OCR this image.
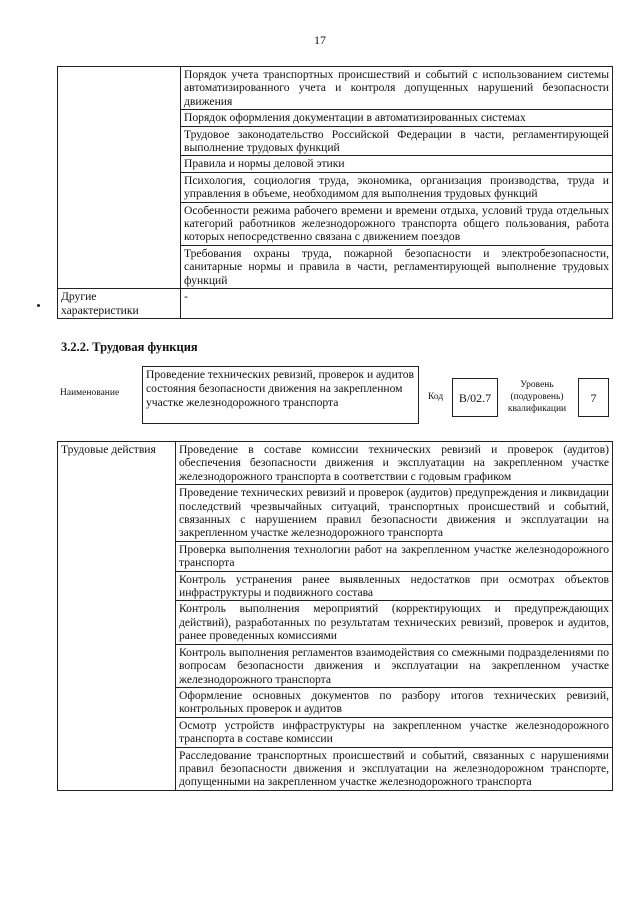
17
	Порядок учета транспортных происшествий и событий с использованием системы автоматизированного учета и контроля допущенных нарушений безопасности движения
	Порядок оформления документации в автоматизированных системах
	Трудовое законодательство Российской Федерации в части, регламентирующей выполнение трудовых функций
	Правила и нормы деловой этики
	Психология, социология труда, экономика, организация производства, труда и управления в объеме, необходимом для выполнения трудовых функций
	Особенности режима рабочего времени и времени отдыха, условий труда отдельных категорий работников железнодорожного транспорта общего пользования, работа которых непосредственно связана с движением поездов
	Требования охраны труда, пожарной безопасности и электробезопасности, санитарные нормы и правила в части, регламентирующей выполнение трудовых функций
Другие характеристики	-
3.2.2. Трудовая функция
Наименование
Проведение технических ревизий, проверок и аудитов состояния безопасности движения на закрепленном участке железнодорожного транспорта	Код	B/02.7
Уровень (подуровень) квалификации
7
Трудовые действия	Проведение в составе комиссии технических ревизий и проверок (аудитов) обеспечения безопасности движения и эксплуатации на закрепленном участке железнодорожного транспорта в соответствии с годовым графиком
Проведение технических ревизий и проверок (аудитов) предупреждения и ликвидации последствий чрезвычайных ситуаций, транспортных происшествий и событий, связанных с нарушением правил безопасности движения и эксплуатации на закрепленном участке железнодорожного транспорта
Проверка выполнения технологии работ на закрепленном участке железнодорожного транспорта
Контроль устранения ранее выявленных недостатков при осмотрах объектов инфраструктуры и подвижного состава
Контроль выполнения мероприятий (корректирующих и предупреждающих действий), разработанных по результатам технических ревизий, проверок и аудитов, ранее проведенных комиссиями
Контроль выполнения регламентов взаимодействия со смежными подразделениями по вопросам безопасности движения и эксплуатации на закрепленном участке железнодорожного транспорта
Оформление основных документов по разбору итогов технических ревизий, контрольных проверок и аудитов
Осмотр устройств инфраструктуры на закрепленном участке железнодорожного транспорта в составе комиссии
Расследование транспортных происшествий и событий, связанных с нарушениями правил безопасности движения и эксплуатации на железнодорожном транспорте, допущенными на закрепленном участке железнодорожного транспорта
